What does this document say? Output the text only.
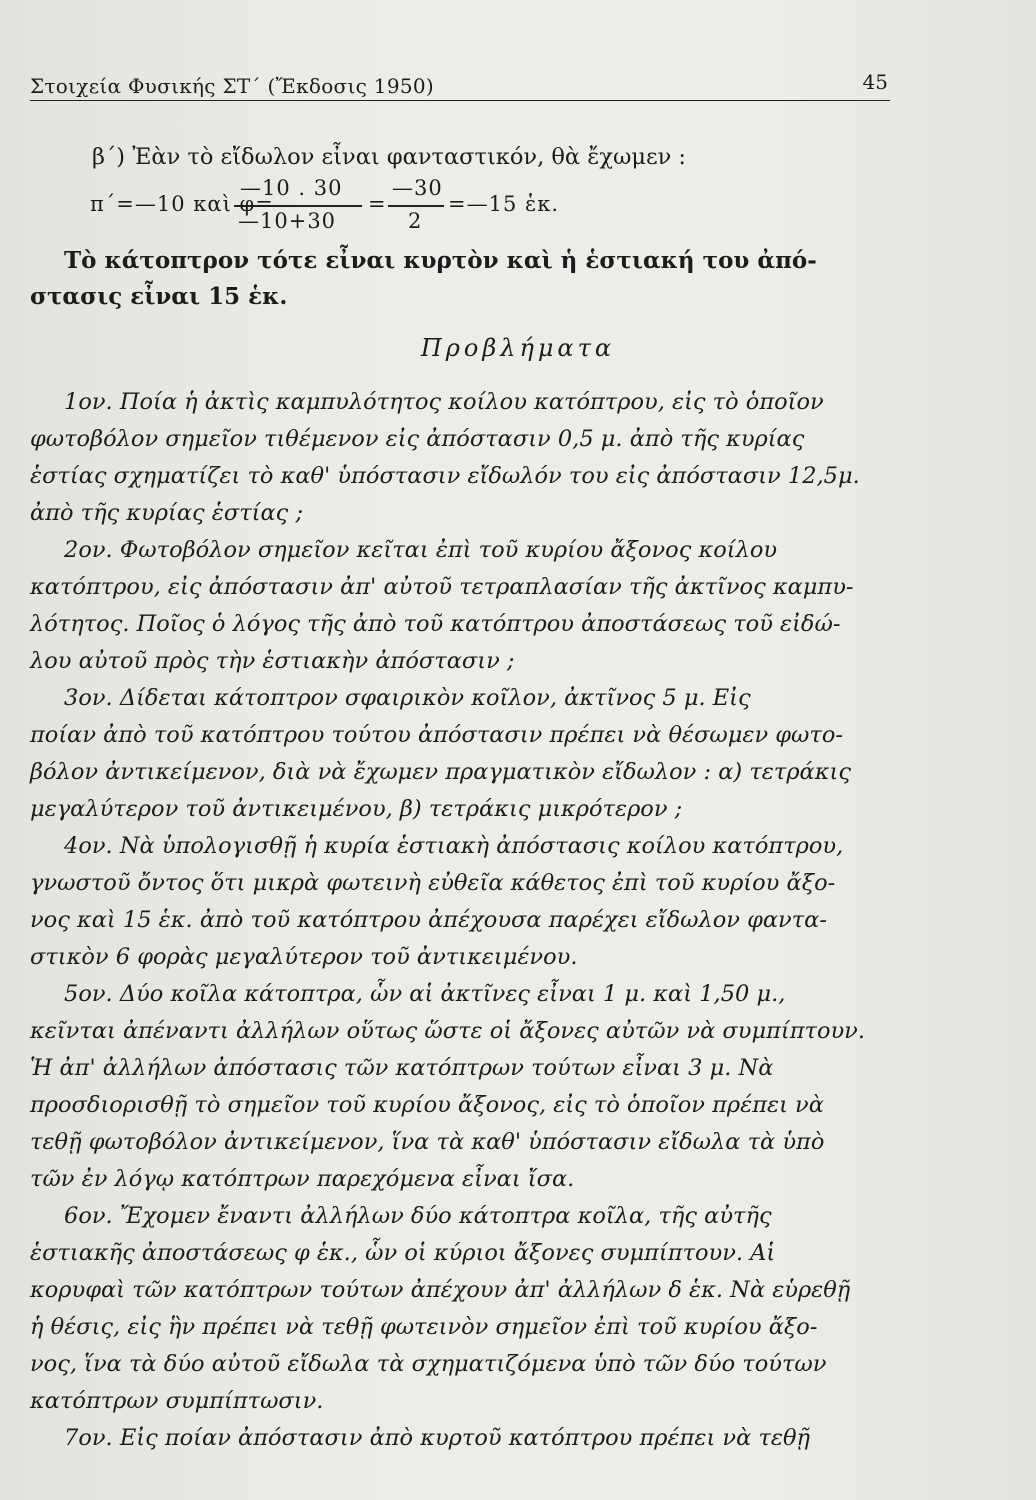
Στοιχεία Φυσικής ΣΤ΄ (Ἔκδοσις 1950)	45
β΄) Ἐὰν τὸ εἴδωλον εἶναι φανταστικόν, θὰ ἔχωμεν :
—10 . 30
—10+30
π΄=—10 καὶ φ=	=
—30
2
=—15 ἑκ.
Τὸ κάτοπτρον τότε εἶναι κυρτὸν καὶ ἡ ἑστιακή του ἀπό-
στασις εἶναι 15 ἑκ.
Προβλήματα
1ον. Ποία ἡ ἀκτὶς καμπυλότητος κοίλου κατόπτρου, εἰς τὸ ὁποῖον
φωτοβόλον σημεῖον τιθέμενον εἰς ἀπόστασιν 0,5 μ. ἀπὸ τῆς κυρίας
ἑστίας σχηματίζει τὸ καθ' ὑπόστασιν εἴδωλόν του εἰς ἀπόστασιν 12,5μ.
ἀπὸ τῆς κυρίας ἑστίας ;
2ον. Φωτοβόλον σημεῖον κεῖται ἐπὶ τοῦ κυρίου ἄξονος κοίλου
κατόπτρου, εἰς ἀπόστασιν ἀπ' αὐτοῦ τετραπλασίαν τῆς ἀκτῖνος καμπυ-
λότητος. Ποῖος ὁ λόγος τῆς ἀπὸ τοῦ κατόπτρου ἀποστάσεως τοῦ εἰδώ-
λου αὐτοῦ πρὸς τὴν ἑστιακὴν ἀπόστασιν ;
3ον. Δίδεται κάτοπτρον σφαιρικὸν κοῖλον, ἀκτῖνος 5 μ. Εἰς
ποίαν ἀπὸ τοῦ κατόπτρου τούτου ἀπόστασιν πρέπει νὰ θέσωμεν φωτο-
βόλον ἀντικείμενον, διὰ νὰ ἔχωμεν πραγματικὸν εἴδωλον : α) τετράκις
μεγαλύτερον τοῦ ἀντικειμένου, β) τετράκις μικρότερον ;
4ον. Νὰ ὑπολογισθῇ ἡ κυρία ἑστιακὴ ἀπόστασις κοίλου κατόπτρου,
γνωστοῦ ὄντος ὅτι μικρὰ φωτεινὴ εὐθεῖα κάθετος ἐπὶ τοῦ κυρίου ἄξο-
νος καὶ 15 ἑκ. ἀπὸ τοῦ κατόπτρου ἀπέχουσα παρέχει εἴδωλον φαντα-
στικὸν 6 φορὰς μεγαλύτερον τοῦ ἀντικειμένου.
5ον. Δύο κοῖλα κάτοπτρα, ὧν αἱ ἀκτῖνες εἶναι 1 μ. καὶ 1,50 μ.,
κεῖνται ἀπέναντι ἀλλήλων οὕτως ὥστε οἱ ἄξονες αὐτῶν νὰ συμπίπτουν.
Ἡ ἀπ' ἀλλήλων ἀπόστασις τῶν κατόπτρων τούτων εἶναι 3 μ. Νὰ
προσδιορισθῇ τὸ σημεῖον τοῦ κυρίου ἄξονος, εἰς τὸ ὁποῖον πρέπει νὰ
τεθῇ φωτοβόλον ἀντικείμενον, ἵνα τὰ καθ' ὑπόστασιν εἴδωλα τὰ ὑπὸ
τῶν ἐν λόγῳ κατόπτρων παρεχόμενα εἶναι ἴσα.
6ον. Ἔχομεν ἔναντι ἀλλήλων δύο κάτοπτρα κοῖλα, τῆς αὐτῆς
ἑστιακῆς ἀποστάσεως φ ἑκ., ὧν οἱ κύριοι ἄξονες συμπίπτουν. Αἱ
κορυφαὶ τῶν κατόπτρων τούτων ἀπέχουν ἀπ' ἀλλήλων δ ἑκ. Νὰ εὑρεθῇ
ἡ θέσις, εἰς ἣν πρέπει νὰ τεθῇ φωτεινὸν σημεῖον ἐπὶ τοῦ κυρίου ἄξο-
νος, ἵνα τὰ δύο αὐτοῦ εἴδωλα τὰ σχηματιζόμενα ὑπὸ τῶν δύο τούτων
κατόπτρων συμπίπτωσιν.
7ον. Εἰς ποίαν ἀπόστασιν ἀπὸ κυρτοῦ κατόπτρου πρέπει νὰ τεθῇ
